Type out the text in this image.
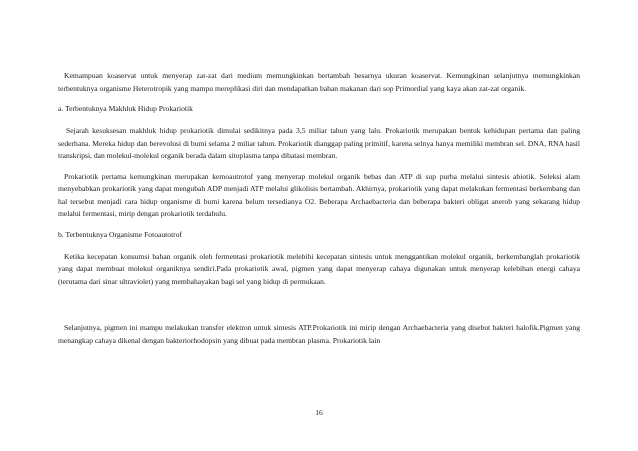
Kemampuan koaservat untuk menyerap zat-zat dari medium memungkinkan bertambah besarnya ukuran koaservat. Kemungkinan selanjutnya memungkinkan terbentuknya organisme Heterotropik yang mampu mereplikasi diri dan mendapatkan bahan makanan dari sop Primordial yang kaya akan zat-zat organik.

a. Terbentuknya Makhluk Hidup Prokariotik

Sejarah kesuksesan makhluk hidup prokariotik dimulai sedikitnya pada 3,5 miliar tahun yang lalu. Prokariotik merupakan bentuk kehidupan pertama dan paling sederhana. Mereka hidup dan berevolusi di bumi selama 2 miliar tahun. Prokariotik dianggap paling primitif, karena selnya hanya memiliki membran sel. DNA, RNA hasil transkripsi, dan molekul-molekul organik berada dalam sitoplasma tanpa dibatasi membran.

Prokariotik pertama kemungkinan merupakan kemoautrotof yang menyerap molekul organik bebas dan ATP di sup purba melalui sintesis abiotik. Seleksi alam menyebabkan prokariotik yang dapat mengubah ADP menjadi ATP melalui glikolisis bertambah. Akhirnya, prokariotik yang dapat melakukan fermentasi berkembang dan hal tersebut menjadi cara hidup organisme di bumi karena belum tersedianya O2. Beberapa Archaebacteria dan beberapa bakteri obligat anerob yang sekarang hidup melalui fermentasi, mirip dengan prokariotik terdahulu.

b. Terbentuknya Organisme Fotoautotrof

Ketika kecepatan konsumsi bahan organik oleh fermentasi prokariotik melebihi kecepatan sintesis untuk menggantikan molekul organik, berkembanglah prokariotik yang dapat membuat molekul organiknya sendiri.Pada prokariotik awal, pigmen yang dapat menyerap cahaya digunakan untuk menyerap kelebihan energi cahaya (terutama dari sinar ultraviolet) yang membahayakan bagi sel yang hidup di permukaan.

Selanjutnya, pigmen ini mampu melakukan transfer elektron untuk sintesis ATP.Prokariotik ini mirip dengan Archaebacteria yang disebut bakteri halofik.Pigmen yang menangkap cahaya dikenal dengan bakteriorhodopsin yang dibuat pada membran plasma. Prokariotik lain

16
